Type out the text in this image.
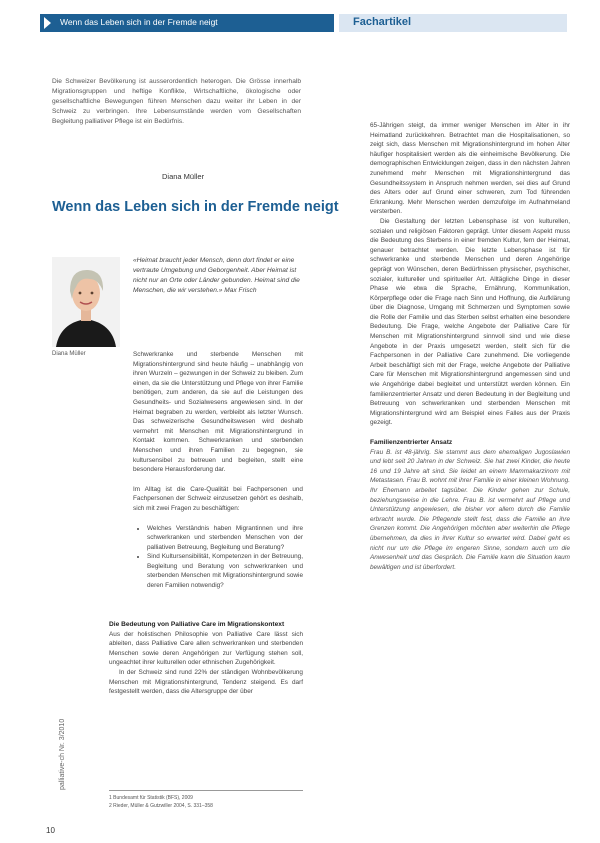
Wenn das Leben sich in der Fremde neigt	Fachartikel
Die Schweizer Bevölkerung ist ausserordentlich heterogen. Die Grösse innerhalb Migrationsgruppen und heftige Konflikte, Wirtschaftliche, ökologische oder gesellschaftliche Bewegungen führen Menschen dazu weiter ihr Leben in der Schweiz zu verbringen. Ihre Lebensumstände werden vom Gesellschaften Begleitung palliativer Pflege ist ein Bedürfnis.
Diana Müller
Wenn das Leben sich in der Fremde neigt
Diana Müller
«Heimat braucht jeder Mensch, denn dort findet er eine vertraute Umgebung und Geborgenheit. Aber Heimat ist nicht nur an Orte oder Länder gebunden. Heimat sind die Menschen, die wir verstehen.» Max Frisch

Schwerkranke und sterbende Menschen mit Migrationshintergrund sind heute häufig – unabhängig von ihren Wurzeln – gezwungen in der Schweiz zu bleiben. Zum einen, da sie die Unterstützung und Pflege von ihrer Familie benötigen, zum anderen, da sie auf die Leistungen des Gesundheits- und Sozialwesens angewiesen sind. In der Heimat begraben zu werden, verbleibt als letzter Wunsch. Das schweizerische Gesundheitswesen wird deshalb vermehrt mit Menschen mit Migrationshintergrund in Kontakt kommen. Schwerkranken und sterbenden Menschen und ihren Familien zu begegnen, sie kultursensibel zu betreuen und begleiten, stellt eine besondere Herausforderung dar.

Im Alltag ist die Care-Qualität bei Fachpersonen und Fachpersonen der Schweiz einzusetzen gehört es deshalb, sich mit zwei Fragen zu beschäftigen:

• Welches Verständnis haben Migrantinnen und ihre schwerkranken und sterbenden Menschen von der palliativen Betreuung, Begleitung und Beratung?
• Sind Kultursensibilität, Kompetenzen in der Betreuung, Begleitung und Beratung von schwerkranken und sterbenden Menschen mit Migrationshintergrund sowie deren Familien notwendig?
Die Bedeutung von Palliative Care im Migrationskontext

Aus der holistischen Philosophie von Palliative Care lässt sich ableiten, dass Palliative Care allen schwerkranken und sterbenden Menschen sowie deren Angehörigen zur Verfügung stehen soll, ungeachtet ihrer kulturellen oder ethnischen Zugehörigkeit.

In der Schweiz sind rund 22% der ständigen Wohnbevölkerung Menschen mit Migrationshintergrund, Tendenz steigend. Es darf festgestellt werden, dass die Altersgruppe der über

1 Bundesamt für Statistik (BFS), 2009
2 Rieder, Müller & Gutzwiller 2004, S. 331–358
palliative-ch Nr. 3/2010
10

65-Jährigen steigt, da immer weniger Menschen im Alter in ihr Heimatland zurückkehren. Betrachtet man die Hospitalisationen, so zeigt sich, dass Menschen mit Migrationshintergrund im hohen Alter häufiger hospitalisiert werden als die einheimische Bevölkerung. Die demographischen Entwicklungen zeigen, dass in den nächsten Jahren zunehmend mehr Menschen mit Migrationshintergrund das Gesundheitssystem in Anspruch nehmen werden, sei dies auf Grund des Alters oder auf Grund einer schweren, zum Tod führenden Erkrankung. Mehr Menschen werden demzufolge im Aufnahmeland versterben.

Die Gestaltung der letzten Lebensphase ist von kulturellen, sozialen und religiösen Faktoren geprägt. Unter diesem Aspekt muss die Bedeutung des Sterbens in einer fremden Kultur, fern der Heimat, genauer betrachtet werden. Die letzte Lebensphase ist für schwerkranke und sterbende Menschen und deren Angehörige geprägt von Wünschen, deren Bedürfnissen physischer, psychischer, sozialer, kultureller und spiritueller Art. Alltägliche Dinge in dieser Phase wie etwa die Sprache, Ernährung, Kommunikation, Körperpflege oder die Frage nach Sinn und Hoffnung, die Aufklärung über die Diagnose, Umgang mit Schmerzen und Symptomen sowie die Rolle der Familie und das Sterben selbst erhalten eine besondere Bedeutung. Die Frage, welche Angebote der Palliative Care für Menschen mit Migrationshintergrund sinnvoll sind und wie diese Angebote in der Praxis umgesetzt werden, stellt sich für die Fachpersonen in der Palliative Care zunehmend. Die vorliegende Arbeit beschäftigt sich mit der Frage, welche Angebote der Palliative Care für Menschen mit Migrationshintergrund angemessen sind und wie Angehörige dabei begleitet und unterstützt werden können. Ein familienzentrierter Ansatz und deren Bedeutung in der Begleitung und Betreuung von schwerkranken und sterbenden Menschen mit Migrationshintergrund wird am Beispiel eines Falles aus der Praxis gezeigt.

Familienzentrierter Ansatz

Frau B. ist 48-jährig. Sie stammt aus dem ehemaligen Jugoslawien und lebt seit 20 Jahren in der Schweiz. Sie hat zwei Kinder, die heute 16 und 19 Jahre alt sind. Sie leidet an einem Mammakarzinom mit Metastasen. Frau B. wohnt mit ihrer Familie in einer kleinen Wohnung. Ihr Ehemann arbeitet tagsüber. Die Kinder gehen zur Schule, beziehungsweise in die Lehre. Frau B. ist vermehrt auf Pflege und Unterstützung angewiesen, die bisher vor allem durch die Familie erbracht wurde. Die Pflegende stellt fest, dass die Familie an ihre Grenzen kommt. Die Angehörigen möchten aber weiterhin die Pflege übernehmen, da dies in ihrer Kultur so erwartet wird. Dabei geht es nicht nur um die Pflege im engeren Sinne, sondern auch um die Anwesenheit und das Gespräch. Die Familie kann die Situation kaum bewältigen und ist überfordert.
